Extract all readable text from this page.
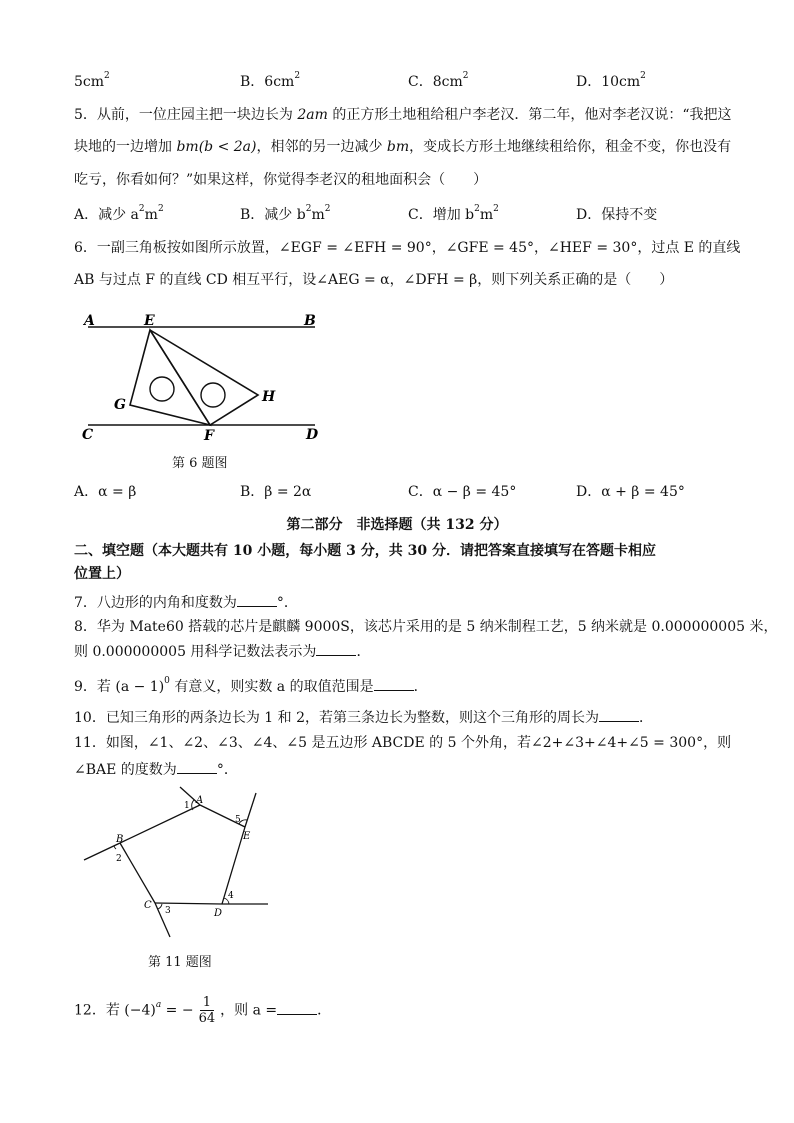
$5cm^2$	B．$6cm^2$	C．$8cm^2$	D．$10cm^2$
5．从前，一位庄园主把一块边长为 2am 的正方形土地租给租户李老汉．第二年，他对李老汉说：“我把这
块地的一边增加 bm(b < 2a)，相邻的另一边减少 bm，变成长方形土地继续租给你，租金不变，你也没有
吃亏，你看如何？”如果这样，你觉得李老汉的租地面积会（　　）
A．减少 $a^2m^2$	B．减少 $b^2m^2$	C．增加 $b^2m^2$	D．保持不变
6．一副三角板按如图所示放置，∠EGF = ∠EFH = 90°，∠GFE = 45°，∠HEF = 30°，过点 E 的直线
AB 与过点 F 的直线 CD 相互平行，设∠AEG = α，∠DFH = β，则下列关系正确的是（　　）
A	E	B
G	H
C	F	D
第 6 题图
A．α = β	B．β = 2α	C．α − β = 45°	D．α + β = 45°
第二部分　非选择题（共 132 分）
二、填空题（本大题共有 10 小题，每小题 3 分，共 30 分．请把答案直接填写在答题卡相应
位置上）
7．八边形的内角和度数为	°．
8．华为 Mate60 搭载的芯片是麒麟 9000S，该芯片采用的是 5 纳米制程工艺，5 纳米就是 0.000000005 米，
则 0.000000005 用科学记数法表示为	．
9．若 $(a - 1)^0$ 有意义，则实数 a 的取值范围是	．
10．已知三角形的两条边长为 1 和 2，若第三条边长为整数，则这个三角形的周长为	．
11．如图，∠1、∠2、∠3、∠4、∠5 是五边形 ABCDE 的 5 个外角，若∠2+∠3+∠4+∠5 = 300°，则
∠BAE 的度数为	°．
A
B
C
D
E
1
2
3
4
5
第 11 题图
12．若 $(-4)^a$ = − $\frac{1}{64}$ ，则 a =	．
